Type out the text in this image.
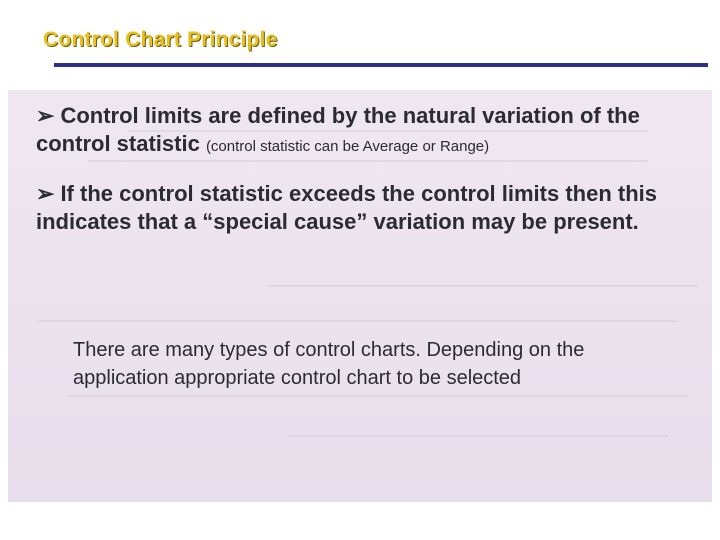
Control Chart Principle
➢ Control limits are defined by the natural variation of the control statistic (control statistic can be Average or Range)
➢ If the control statistic exceeds the control limits then this indicates that a “special cause” variation may be present.
There are many types of control charts. Depending on the application appropriate control chart to be selected
